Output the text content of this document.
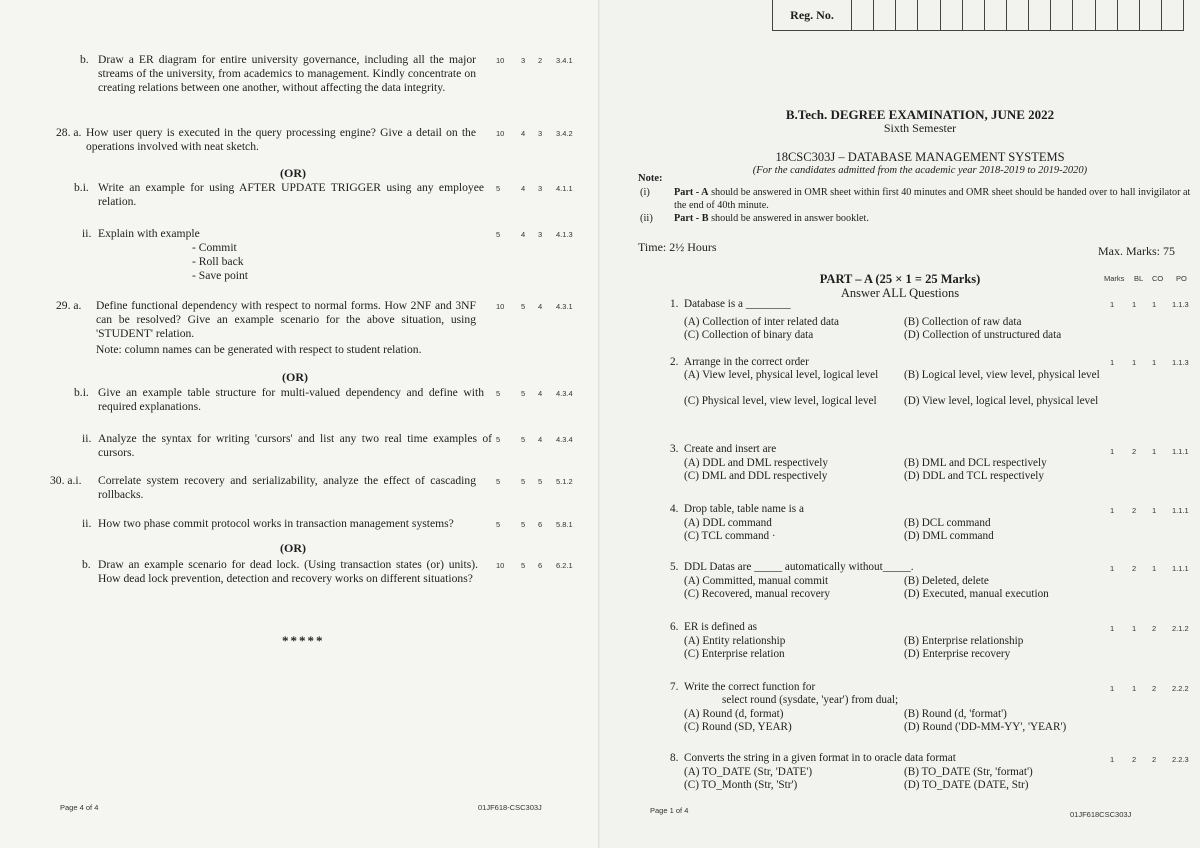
b. Draw a ER diagram for entire university governance, including all the major streams of the university, from academics to management. Kindly concentrate on creating relations between one another, without affecting the data integrity.
10 3 2 3.4.1
28. a. How user query is executed in the query processing engine? Give a detail on the operations involved with neat sketch.
10 4 3 3.4.2
(OR)
b.i. Write an example for using AFTER UPDATE TRIGGER using any employee relation.
5	4 3 4.1.1
ii. Explain with example
- Commit
- Roll back
- Save point
5	4 3 4.1.3
29. a. Define functional dependency with respect to normal forms. How 2NF and 3NF can be resolved? Give an example scenario for the above situation, using 'STUDENT' relation.
Note: column names can be generated with respect to student relation.
10 5 4 4.3.1
(OR)
b.i. Give an example table structure for multi-valued dependency and define with required explanations.
5	5 4 4.3.4
ii. Analyze the syntax for writing 'cursors' and list any two real time examples of cursors.
5	5 4 4.3.4
30. a.i. Correlate system recovery and serializability, analyze the effect of cascading rollbacks.
5	5 5 5.1.2
ii. How two phase commit protocol works in transaction management systems?	5	5 6 5.8.1
(OR)
b. Draw an example scenario for dead lock. (Using transaction states (or) units). How dead lock prevention, detection and recovery works on different situations?
10 5 6 6.2.1
*****
Page 4 of 4	01JF618-CSC303J
Reg. No.
B.Tech. DEGREE EXAMINATION, JUNE 2022
Sixth Semester
18CSC303J – DATABASE MANAGEMENT SYSTEMS
(For the candidates admitted from the academic year 2018-2019 to 2019-2020)
Note:
(i) Part - A should be answered in OMR sheet within first 40 minutes and OMR sheet should be handed over to hall invigilator at the end of 40th minute.
(ii) Part - B should be answered in answer booklet.
Time: 2½ Hours	Max. Marks: 75
PART – A (25 × 1 = 25 Marks)
Answer ALL Questions
Marks BL CO PO
1. Database is a ________
(A) Collection of inter related data	(B) Collection of raw data
(C) Collection of binary data	(D) Collection of unstructured data
1 1 1 1.1.3
2. Arrange in the correct order
(A) View level, physical level, logical level	(B) Logical level, view level, physical level
(C) Physical level, view level, logical level	(D) View level, logical level, physical level
1 1 1 1.1.3
3. Create and insert are
(A) DDL and DML respectively	(B) DML and DCL respectively
(C) DML and DDL respectively	(D) DDL and TCL respectively
1 2 1 1.1.1
4. Drop table, table name is a
(A) DDL command	(B) DCL command
(C) TCL command ·	(D) DML command
1 2 1 1.1.1
5. DDL Datas are _____ automatically without_____.
(A) Committed, manual commit	(B) Deleted, delete
(C) Recovered, manual recovery	(D) Executed, manual execution
1 2 1 1.1.1
6. ER is defined as
(A) Entity relationship	(B) Enterprise relationship
(C) Enterprise relation	(D) Enterprise recovery
1 1 2 2.1.2
7. Write the correct function for
select round (sysdate, 'year') from dual;
(A) Round (d, format)	(B) Round (d, 'format')
(C) Round (SD, YEAR)	(D) Round ('DD-MM-YY', 'YEAR')
1 1 2 2.2.2
8. Converts the string in a given format in to oracle data format
(A) TO_DATE (Str, 'DATE')	(B) TO_DATE (Str, 'format')
(C) TO_Month (Str, 'Str')	(D) TO_DATE (DATE, Str)
1 2 2 2.2.3
Page 1 of 4	01JF618CSC303J
